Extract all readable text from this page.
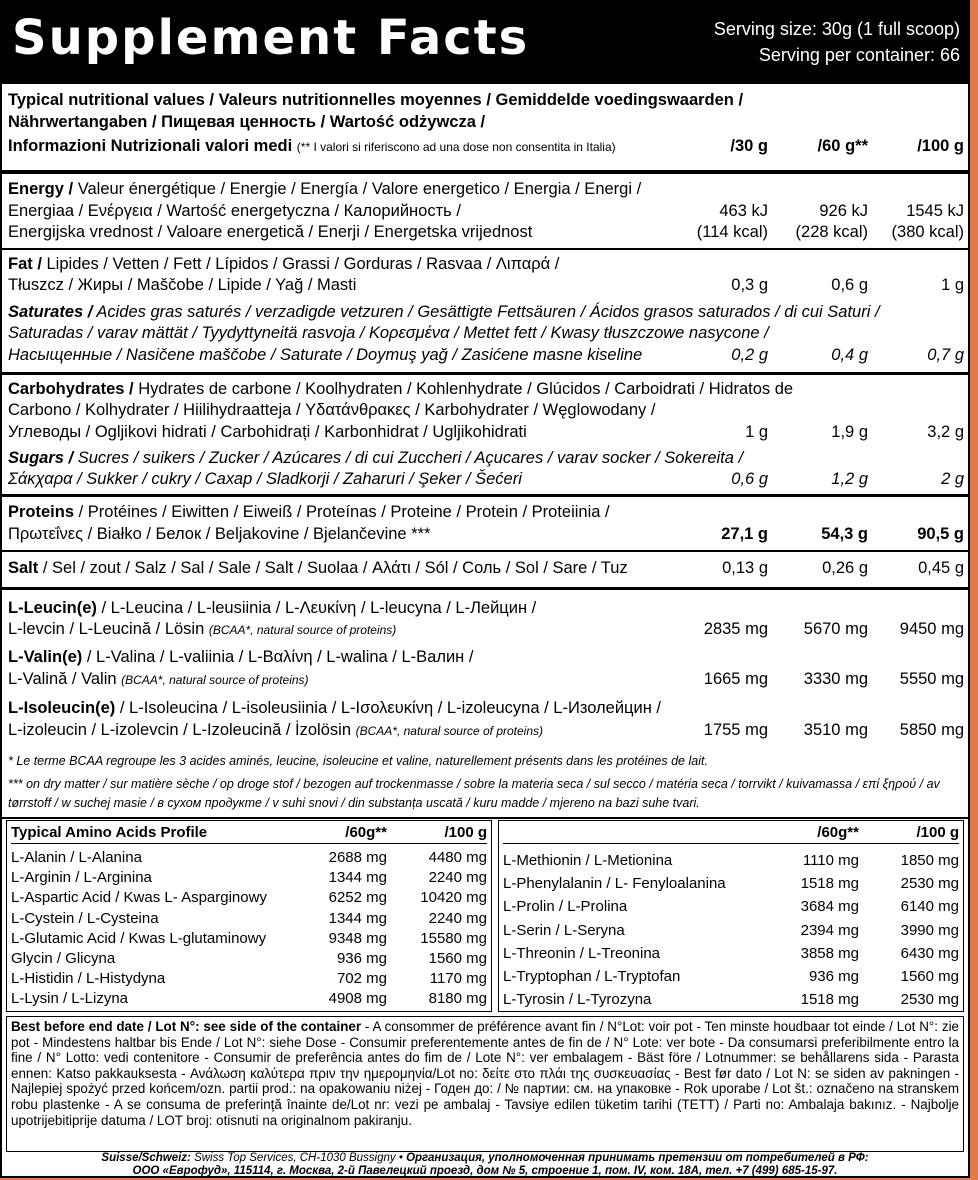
Supplement Facts	Serving size: 30g (1 full scoop)
Serving per container: 66
Typical nutritional values / Valeurs nutritionnelles moyennes / Gemiddelde voedingswaarden /
Nährwertangaben / Пищевая ценность / Wartość odżywcza /
Informazioni Nutrizionali valori medi (** I valori si riferiscono ad una dose non consentita in Italia)	/30 g	/60 g**	/100 g
Energy / Valeur énergétique / Energie / Energía / Valore energetico / Energia / Energi /
Energiaa / Ενέργεια / Wartość energetyczna / Калорийность /
Energijska vrednost / Valoare energetică / Enerji / Energetska vrijednost
463 kJ	926 kJ 1545 kJ
(114 kcal) (228 kcal) (380 kcal)
Fat / Lipides / Vetten / Fett / Lípidos / Grassi / Gorduras / Rasvaa / Λιπαρά /
Tłuszcz / Жиры / Maščobe / Lipide / Yağ / Masti	0,3 g	0,6 g	1 g
Saturates / Acides gras saturés / verzadigde vetzuren / Gesättigte Fettsäuren / Ácidos grasos saturados / di cui Saturi /
Saturadas / varav mättät / Tyydyttyneitä rasvoja / Κορεσμένα / Mettet fett / Kwasy tłuszczowe nasycone /
Насыщенные / Nasičene maščobe / Saturate / Doymuş yağ / Zasićene masne kiseline	0,2 g	0,4 g	0,7 g
Carbohydrates / Hydrates de carbone / Koolhydraten / Kohlenhydrate / Glúcidos / Carboidrati / Hidratos de
Carbono / Kolhydrater / Hiilihydraatteja / Υδατάνθρακες / Karbohydrater / Węglowodany /
Углеводы / Ogljikovi hidrati / Carbohidrați / Karbonhidrat / Ugljikohidrati	1 g	1,9 g	3,2 g
Sugars / Sucres / suikers / Zucker / Azúcares / di cui Zuccheri / Açucares / varav socker / Sokereita /
Σάκχαρα / Sukker / cukry / Сахар / Sladkorji / Zaharuri / Şeker / Šećeri	0,6 g	1,2 g	2 g
Proteins / Protéines / Eiwitten / Eiweiß / Proteínas / Proteine / Protein / Proteiinia /
Πρωτεΐνες / Białko / Белок / Beljakovine / Bjelančevine ***	27,1 g	54,3 g	90,5 g
Salt / Sel / zout / Salz / Sal / Sale / Salt / Suolaa / Αλάτι / Sól / Соль / Sol / Sare / Tuz	0,13 g	0,26 g	0,45 g
L-Leucin(e) / L-Leucina / L-leusiinia / L-Λευκίνη / L-leucyna / L-Лейцин /
L-levcin / L-Leucină / Lösin (BCAA*, natural source of proteins)	2835 mg 5670 mg 9450 mg
L-Valin(e) / L-Valina / L-valiinia / L-Βαλίνη / L-walina / L-Валин /
L-Valină / Valin (BCAA*, natural source of proteins)	1665 mg 3330 mg 5550 mg
L-Isoleucin(e) / L-Isoleucina / L-isoleusiinia / L-Ισολευκίνη / L-izoleucyna / L-Изолейцин /
L-izoleucin / L-izolevcin / L-Izoleucină / İzolösin (BCAA*, natural source of proteins)	1755 mg 3510 mg 5850 mg
* Le terme BCAA regroupe les 3 acides aminés, leucine, isoleucine et valine, naturellement présents dans les protéines de lait.
*** on dry matter / sur matière sèche / op droge stof / bezogen auf trockenmasse / sobre la materia seca / sul secco / matéria seca / torrvikt / kuivamassa / επί ξηρού / av
tørrstoff / w suchej masie / в сухом продукте / v suhi snovi / din substanța uscată / kuru madde / mjereno na bazi suhe tvari.
Typical Amino Acids Profile	/60g**	/100 g
L-Alanin / L-Alanina	2688 mg	4480 mg
L-Arginin / L-Arginina	1344 mg	2240 mg
L-Aspartic Acid / Kwas L- Asparginowy	6252 mg 10420 mg
L-Cystein / L-Cysteina	1344 mg	2240 mg
L-Glutamic Acid / Kwas L-glutaminowy	9348 mg 15580 mg
Glycin / Glicyna	936 mg	1560 mg
L-Histidin / L-Histydyna	702 mg	1170 mg
L-Lysin / L-Lizyna	4908 mg	8180 mg
/60g**	/100 g
L-Methionin / L-Metionina	1110 mg	1850 mg
L-Phenylalanin / L- Fenyloalanina	1518 mg	2530 mg
L-Prolin / L-Prolina	3684 mg	6140 mg
L-Serin / L-Seryna	2394 mg	3990 mg
L-Threonin / L-Treonina	3858 mg	6430 mg
L-Tryptophan / L-Tryptofan	936 mg	1560 mg
L-Tyrosin / L-Tyrozyna	1518 mg	2530 mg
Best before end date / Lot N°: see side of the container - A consommer de préférence avant fin / N°Lot: voir pot - Ten minste houdbaar tot einde / Lot N°: zie pot - Mindestens haltbar bis Ende / Lot N°: siehe Dose - Consumir preferentemente antes de fin de / N° Lote: ver bote - Da consumarsi preferibilmente entro la fine / N° Lotto: vedi contenitore - Consumir de preferência antes do fim de / Lote N°: ver embalagem - Bäst före / Lotnummer: se behållarens sida - Parasta ennen: Katso pakkauksesta - Ανάλωση καλύτερα πριν την ημερομηνία/Lot no: δείτε στο πλάι της συσκευασίας - Best før dato / Lot N: se siden av pakningen - Najlepiej spożyć przed końcem/ozn. partii prod.: na opakowaniu niżej - Годен до: / № партии: см. на упаковке - Rok uporabe / Lot št.: označeno na stranskem robu plastenke - A se consuma de preferință înainte de/Lot nr: vezi pe ambalaj - Tavsiye edilen tüketim tarihi (TETT) / Parti no: Ambalaja bakınız. - Najbolje upotrijebitiprije datuma / LOT broj: otisnuti na originalnom pakiranju.
Suisse/Schweiz: Swiss Top Services, CH-1030 Bussigny • Организация, уполномоченная принимать претензии от потребителей в РФ:
ООО «Еврофуд», 115114, г. Москва, 2-й Павелецкий проезд, дом № 5, строение 1, пом. IV, ком. 18А, тел. +7 (499) 685-15-97.
